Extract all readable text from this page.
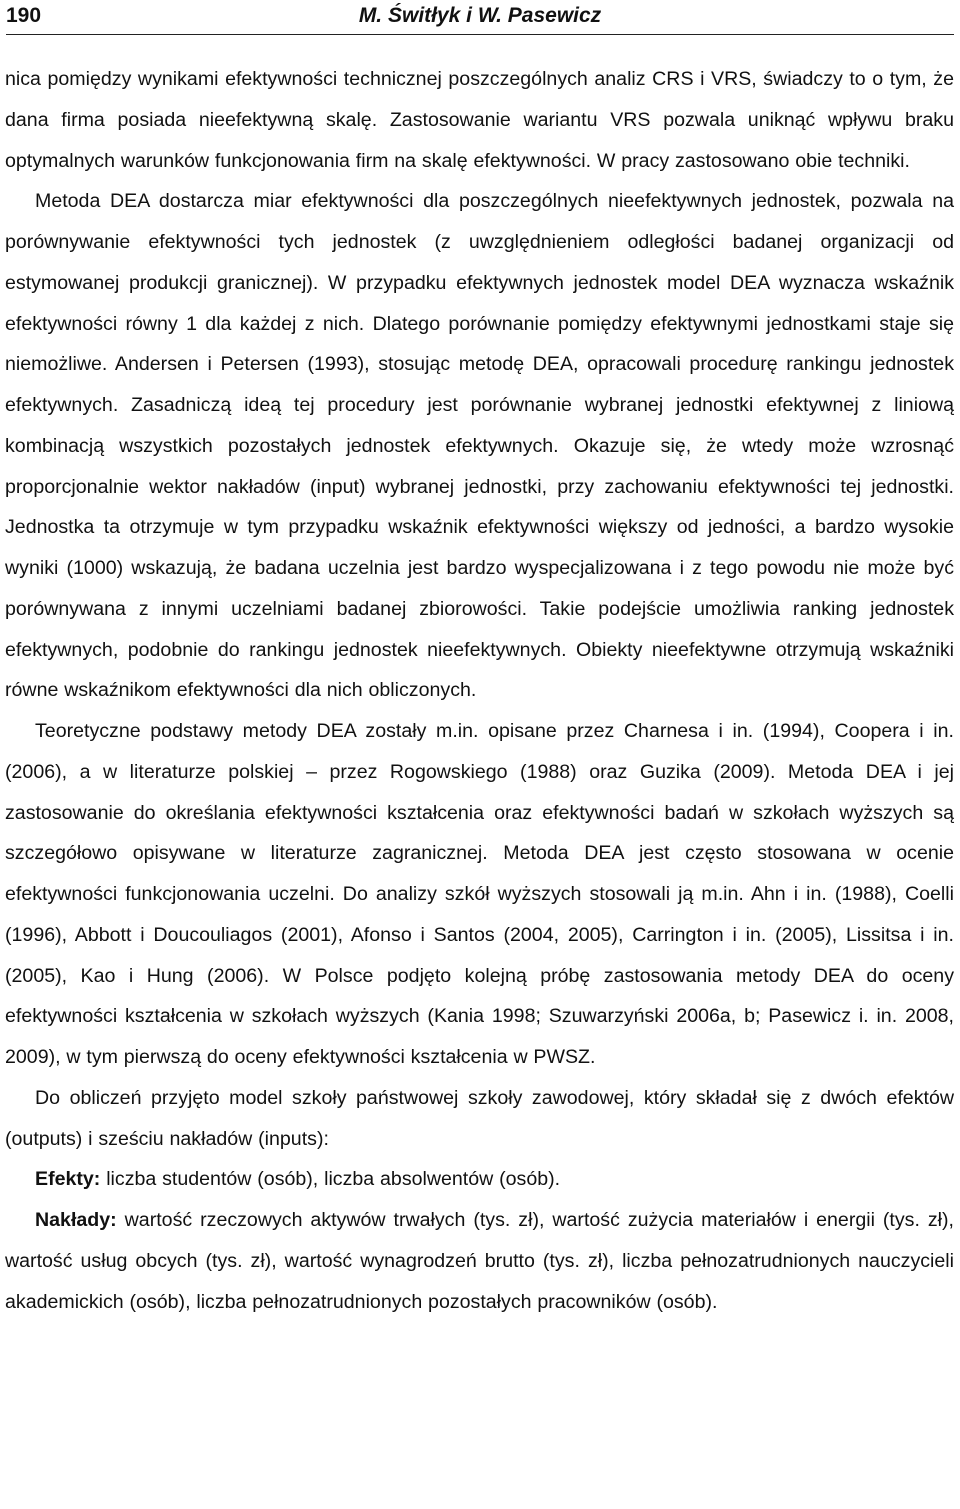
190	M. Świtłyk i W. Pasewicz

nica pomiędzy wynikami efektywności technicznej poszczególnych analiz CRS i VRS, świadczy to o tym, że dana firma posiada nieefektywną skalę. Zastosowanie wariantu VRS pozwala uniknąć wpływu braku optymalnych warunków funkcjonowania firm na skalę efektywności. W pracy zastosowano obie techniki.

Metoda DEA dostarcza miar efektywności dla poszczególnych nieefektywnych jednostek, pozwala na porównywanie efektywności tych jednostek (z uwzględnieniem odległości badanej organizacji od estymowanej produkcji granicznej). W przypadku efektywnych jednostek model DEA wyznacza wskaźnik efektywności równy 1 dla każdej z nich. Dlatego porównanie pomiędzy efektywnymi jednostkami staje się niemożliwe. Andersen i Petersen (1993), stosując metodę DEA, opracowali procedurę rankingu jednostek efektywnych. Zasadniczą ideą tej procedury jest porównanie wybranej jednostki efektywnej z liniową kombinacją wszystkich pozostałych jednostek efektywnych. Okazuje się, że wtedy może wzrosnąć proporcjonalnie wektor nakładów (input) wybranej jednostki, przy zachowaniu efektywności tej jednostki. Jednostka ta otrzymuje w tym przypadku wskaźnik efektywności większy od jedności, a bardzo wysokie wyniki (1000) wskazują, że badana uczelnia jest bardzo wyspecjalizowana i z tego powodu nie może być porównywana z innymi uczelniami badanej zbiorowości. Takie podejście umożliwia ranking jednostek efektywnych, podobnie do rankingu jednostek nieefektywnych. Obiekty nieefektywne otrzymują wskaźniki równe wskaźnikom efektywności dla nich obliczonych.

Teoretyczne podstawy metody DEA zostały m.in. opisane przez Charnesa i in. (1994), Coopera i in. (2006), a w literaturze polskiej – przez Rogowskiego (1988) oraz Guzika (2009). Metoda DEA i jej zastosowanie do określania efektywności kształcenia oraz efektywności badań w szkołach wyższych są szczegółowo opisywane w literaturze zagranicznej. Metoda DEA jest często stosowana w ocenie efektywności funkcjonowania uczelni. Do analizy szkół wyższych stosowali ją m.in. Ahn i in. (1988), Coelli (1996), Abbott i Doucouliagos (2001), Afonso i Santos (2004, 2005), Carrington i in. (2005), Lissitsa i in. (2005), Kao i Hung (2006). W Polsce podjęto kolejną próbę zastosowania metody DEA do oceny efektywności kształcenia w szkołach wyższych (Kania 1998; Szuwarzyński 2006a, b; Pasewicz i. in. 2008, 2009), w tym pierwszą do oceny efektywności kształcenia w PWSZ.

Do obliczeń przyjęto model szkoły państwowej szkoły zawodowej, który składał się z dwóch efektów (outputs) i sześciu nakładów (inputs):

Efekty: liczba studentów (osób), liczba absolwentów (osób).

Nakłady: wartość rzeczowych aktywów trwałych (tys. zł), wartość zużycia materiałów i energii (tys. zł), wartość usług obcych (tys. zł), wartość wynagrodzeń brutto (tys. zł), liczba pełnozatrudnionych nauczycieli akademickich (osób), liczba pełnozatrudnionych pozostałych pracowników (osób).
